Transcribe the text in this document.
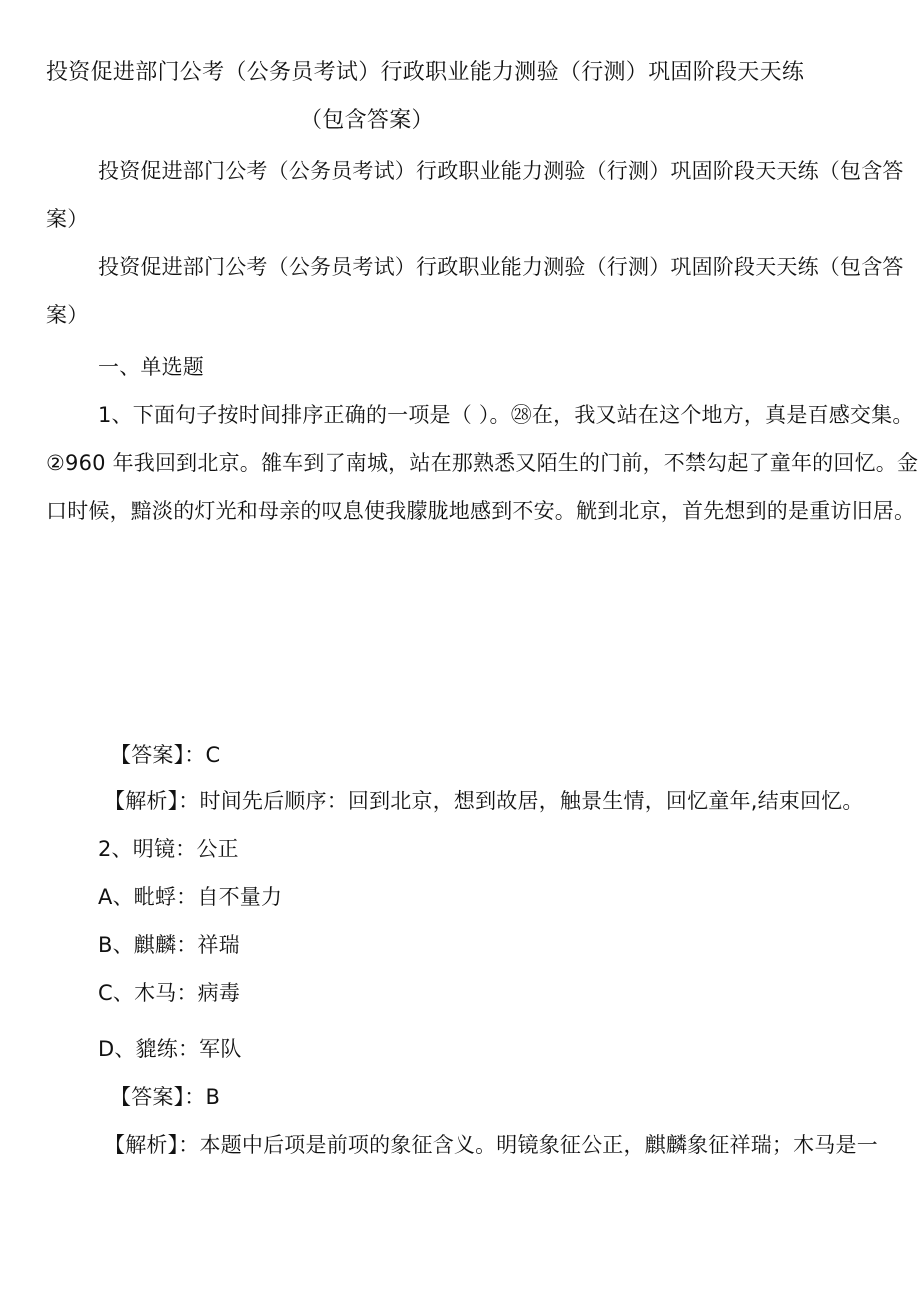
投资促进部门公考（公务员考试）行政职业能力测验（行测）巩固阶段天天练
（包含答案）
投资促进部门公考（公务员考试）行政职业能力测验（行测）巩固阶段天天练（包含答
案）
投资促进部门公考（公务员考试）行政职业能力测验（行测）巩固阶段天天练（包含答
案）
一、单选题
1、下面句子按时间排序正确的一项是（ ）。㉘在，我又站在这个地方，真是百感交集。
②960 年我回到北京。雒车到了南城，站在那熟悉又陌生的门前，不禁勾起了童年的回忆。金
口时候，黯淡的灯光和母亲的叹息使我朦胧地感到不安。觥到北京，首先想到的是重访旧居。
【答案】：C
【解析】：时间先后顺序：回到北京，想到故居，触景生情，回忆童年,结束回忆。
2、明镜：公正
A、毗蜉：自不量力
B、麒麟：祥瑞
C、木马：病毒
D、貔练：军队
【答案】：B
【解析】：本题中后项是前项的象征含义。明镜象征公正，麒麟象征祥瑞；木马是一
